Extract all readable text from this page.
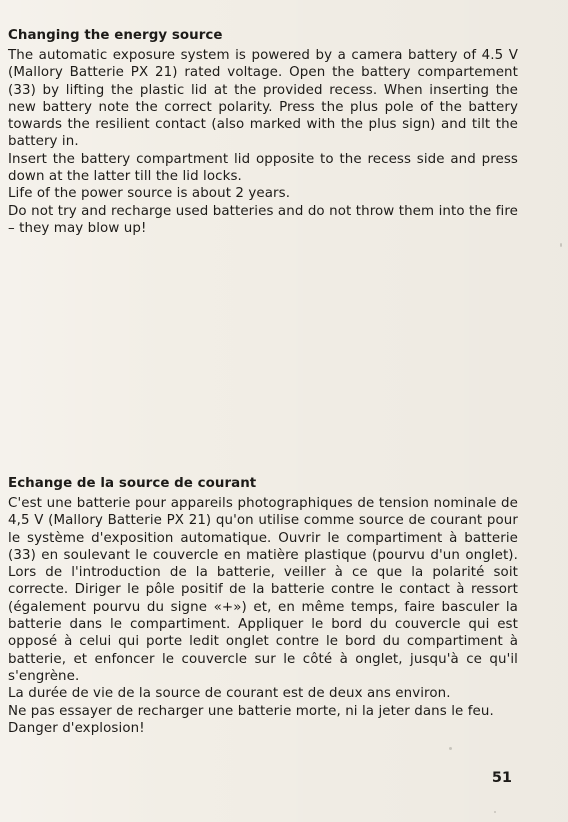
Changing the energy source

The automatic exposure system is powered by a camera battery of 4.5 V (Mallory Batterie PX 21) rated voltage. Open the battery compartement (33) by lifting the plastic lid at the provided recess. When inserting the new battery note the correct polarity. Press the plus pole of the battery towards the resilient contact (also marked with the plus sign) and tilt the battery in.

Insert the battery compartment lid opposite to the recess side and press down at the latter till the lid locks.

Life of the power source is about 2 years.

Do not try and recharge used batteries and do not throw them into the fire – they may blow up!

Echange de la source de courant

C'est une batterie pour appareils photographiques de tension nominale de 4,5 V (Mallory Batterie PX 21) qu'on utilise comme source de courant pour le système d'exposition automatique. Ouvrir le compartiment à batterie (33) en soulevant le couvercle en matière plastique (pourvu d'un onglet). Lors de l'introduction de la batterie, veiller à ce que la polarité soit correcte. Diriger le pôle positif de la batterie contre le contact à ressort (également pourvu du signe «+») et, en même temps, faire basculer la batterie dans le compartiment. Appliquer le bord du couvercle qui est opposé à celui qui porte ledit onglet contre le bord du compartiment à batterie, et enfoncer le couvercle sur le côté à onglet, jusqu'à ce qu'il s'engrène.

La durée de vie de la source de courant est de deux ans environ.

Ne pas essayer de recharger une batterie morte, ni la jeter dans le feu.

Danger d'explosion!

51
